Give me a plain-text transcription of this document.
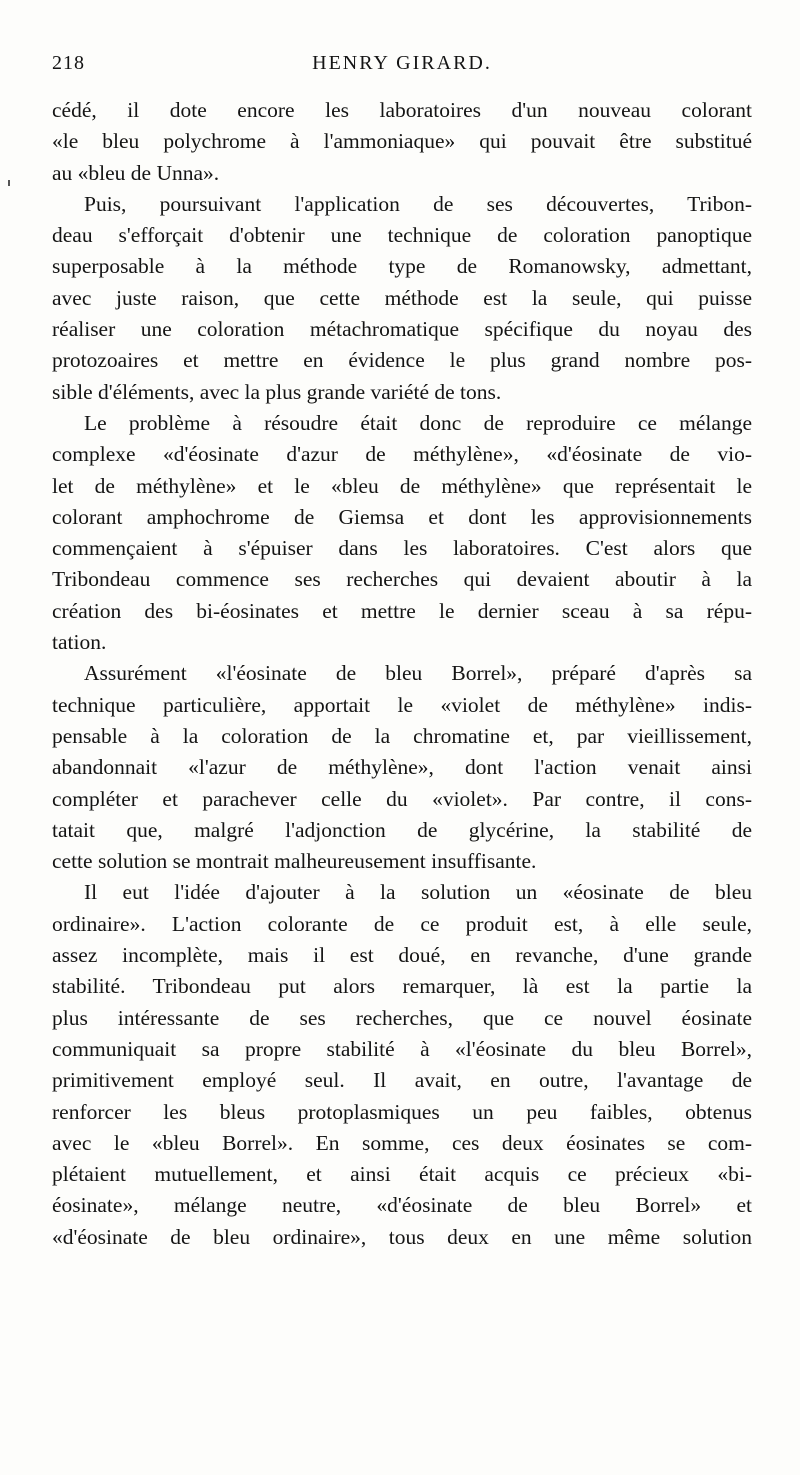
218	HENRY GIRARD.
cédé, il dote encore les laboratoires d'un nouveau colorant
«le bleu polychrome à l'ammoniaque» qui pouvait être substitué
au «bleu de Unna».
Puis, poursuivant l'application de ses découvertes, Tribon-
deau s'efforçait d'obtenir une technique de coloration panoptique
superposable à la méthode type de Romanowsky, admettant,
avec juste raison, que cette méthode est la seule, qui puisse
réaliser une coloration métachromatique spécifique du noyau des
protozoaires et mettre en évidence le plus grand nombre pos-
sible d'éléments, avec la plus grande variété de tons.
Le problème à résoudre était donc de reproduire ce mélange
complexe «d'éosinate d'azur de méthylène», «d'éosinate de vio-
let de méthylène» et le «bleu de méthylène» que représentait le
colorant amphochrome de Giemsa et dont les approvisionnements
commençaient à s'épuiser dans les laboratoires. C'est alors que
Tribondeau commence ses recherches qui devaient aboutir à la
création des bi-éosinates et mettre le dernier sceau à sa répu-
tation.
Assurément «l'éosinate de bleu Borrel», préparé d'après sa
technique particulière, apportait le «violet de méthylène» indis-
pensable à la coloration de la chromatine et, par vieillissement,
abandonnait «l'azur de méthylène», dont l'action venait ainsi
compléter et parachever celle du «violet». Par contre, il cons-
tatait que, malgré l'adjonction de glycérine, la stabilité de
cette solution se montrait malheureusement insuffisante.
Il eut l'idée d'ajouter à la solution un «éosinate de bleu
ordinaire». L'action colorante de ce produit est, à elle seule,
assez incomplète, mais il est doué, en revanche, d'une grande
stabilité. Tribondeau put alors remarquer, là est la partie la
plus intéressante de ses recherches, que ce nouvel éosinate
communiquait sa propre stabilité à «l'éosinate du bleu Borrel»,
primitivement employé seul. Il avait, en outre, l'avantage de
renforcer les bleus protoplasmiques un peu faibles, obtenus
avec le «bleu Borrel». En somme, ces deux éosinates se com-
plétaient mutuellement, et ainsi était acquis ce précieux «bi-
éosinate», mélange neutre, «d'éosinate de bleu Borrel» et
«d'éosinate de bleu ordinaire», tous deux en une même solution
